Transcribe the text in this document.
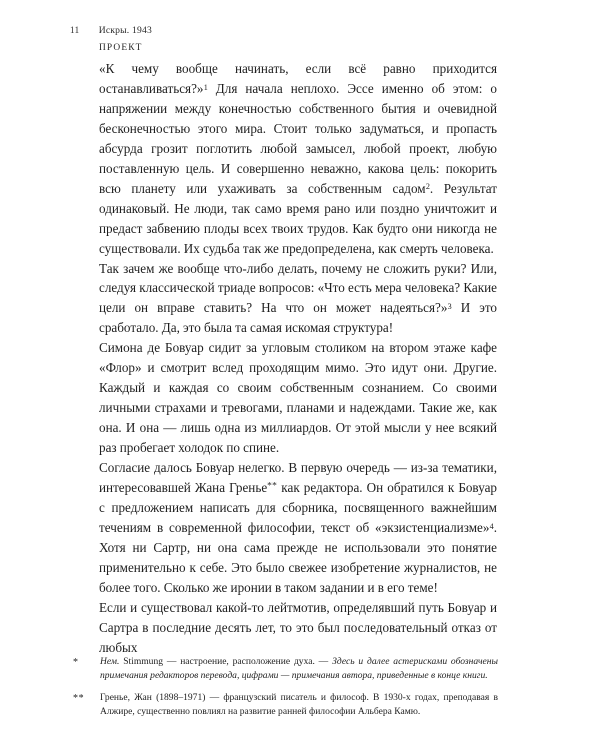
11 Искры. 1943
ПРОЕКТ

«К чему вообще начинать, если всё равно приходится останавливаться?»$^1$ Для начала неплохо. Эссе именно об этом: о напряжении между конечностью собственного бытия и очевидной бесконечностью этого мира. Стоит только задуматься, и пропасть абсурда грозит поглотить любой замысел, любой проект, любую поставленную цель. И совершенно неважно, какова цель: покорить всю планету или ухаживать за собственным садом$^2$. Результат одинаковый. Не люди, так само время рано или поздно уничтожит и предаст забвению плоды всех твоих трудов. Как будто они никогда не существовали. Их судьба так же предопределена, как смерть человека.

Так зачем же вообще что-либо делать, почему не сложить руки? Или, следуя классической триаде вопросов: «Что есть мера человека? Какие цели он вправе ставить? На что он может надеяться?»$^3$ И это сработало. Да, это была та самая искомая структура!

Симона де Бовуар сидит за угловым столиком на втором этаже кафе «Флор» и смотрит вслед проходящим мимо. Это идут они. Другие. Каждый и каждая со своим собственным сознанием. Со своими личными страхами и тревогами, планами и надеждами. Такие же, как она. И она — лишь одна из миллиардов. От этой мысли у нее всякий раз пробегает холодок по спине.

Согласие далось Бовуар нелегко. В первую очередь — из-за тематики, интересовавшей Жана Гренье** как редактора. Он обратился к Бовуар с предложением написать для сборника, посвященного важнейшим течениям в современной философии, текст об «экзистенциализме»$^4$. Хотя ни Сартр, ни она сама прежде не использовали это понятие применительно к себе. Это было свежее изобретение журналистов, не более того. Сколько же иронии в таком задании и в его теме!

Если и существовал какой-то лейтмотив, определявший путь Бовуар и Сартра в последние десять лет, то это был последовательный отказ от любых

*	Нем. Stimmung — настроение, расположение духа. — Здесь и далее астерисками обозначены примечания редакторов перевода, цифрами — примечания автора, приведенные в конце книги.
**	Гренье, Жан (1898–1971) — французский писатель и философ. В 1930-х годах, преподавая в Алжире, существенно повлиял на развитие ранней философии Альбера Камю.
